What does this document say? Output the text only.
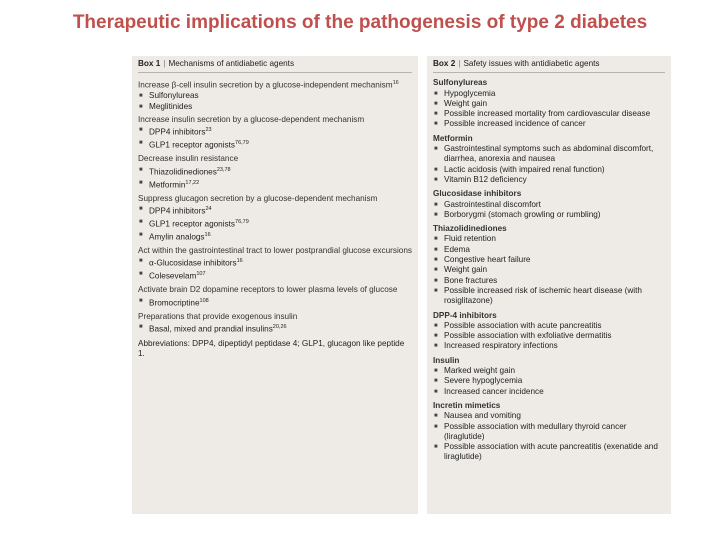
Therapeutic implications of the pathogenesis of type 2 diabetes
Box 1 | Mechanisms of antidiabetic agents
Increase β-cell insulin secretion by a glucose-independent mechanism$^{16}$
■ Sulfonylureas
■ Meglitinides
Increase insulin secretion by a glucose-dependent mechanism
■ DPP4 inhibitors$^{23}$
■ GLP1 receptor agonists$^{76,79}$
Decrease insulin resistance
■ Thiazolidinediones$^{23,78}$
■ Metformin$^{17,22}$
Suppress glucagon secretion by a glucose-dependent mechanism
■ DPP4 inhibitors$^{24}$
■ GLP1 receptor agonists$^{76,79}$
■ Amylin analogs$^{16}$
Act within the gastrointestinal tract to lower postprandial glucose excursions
■ α-Glucosidase inhibitors$^{16}$
■ Colesevelam$^{107}$
Activate brain D2 dopamine receptors to lower plasma levels of glucose
■ Bromocriptine$^{108}$
Preparations that provide exogenous insulin
■ Basal, mixed and prandial insulins$^{20,26}$
Abbreviations: DPP4, dipeptidyl peptidase 4; GLP1, glucagon like peptide 1.
Box 2 | Safety issues with antidiabetic agents
Sulfonylureas
■ Hypoglycemia
■ Weight gain
■ Possible increased mortality from cardiovascular disease
■ Possible increased incidence of cancer
Metformin
■ Gastrointestinal symptoms such as abdominal discomfort, diarrhea, anorexia and nausea
■ Lactic acidosis (with impaired renal function)
■ Vitamin B12 deficiency
Glucosidase inhibitors
■ Gastrointestinal discomfort
■ Borborygmi (stomach growling or rumbling)
Thiazolidinediones
■ Fluid retention
■ Edema
■ Congestive heart failure
■ Weight gain
■ Bone fractures
■ Possible increased risk of ischemic heart disease (with rosiglitazone)
DPP-4 inhibitors
■ Possible association with acute pancreatitis
■ Possible association with exfoliative dermatitis
■ Increased respiratory infections
Insulin
■ Marked weight gain
■ Severe hypoglycemia
■ Increased cancer incidence
Incretin mimetics
■ Nausea and vomiting
■ Possible association with medullary thyroid cancer (liraglutide)
■ Possible association with acute pancreatitis (exenatide and liraglutide)
